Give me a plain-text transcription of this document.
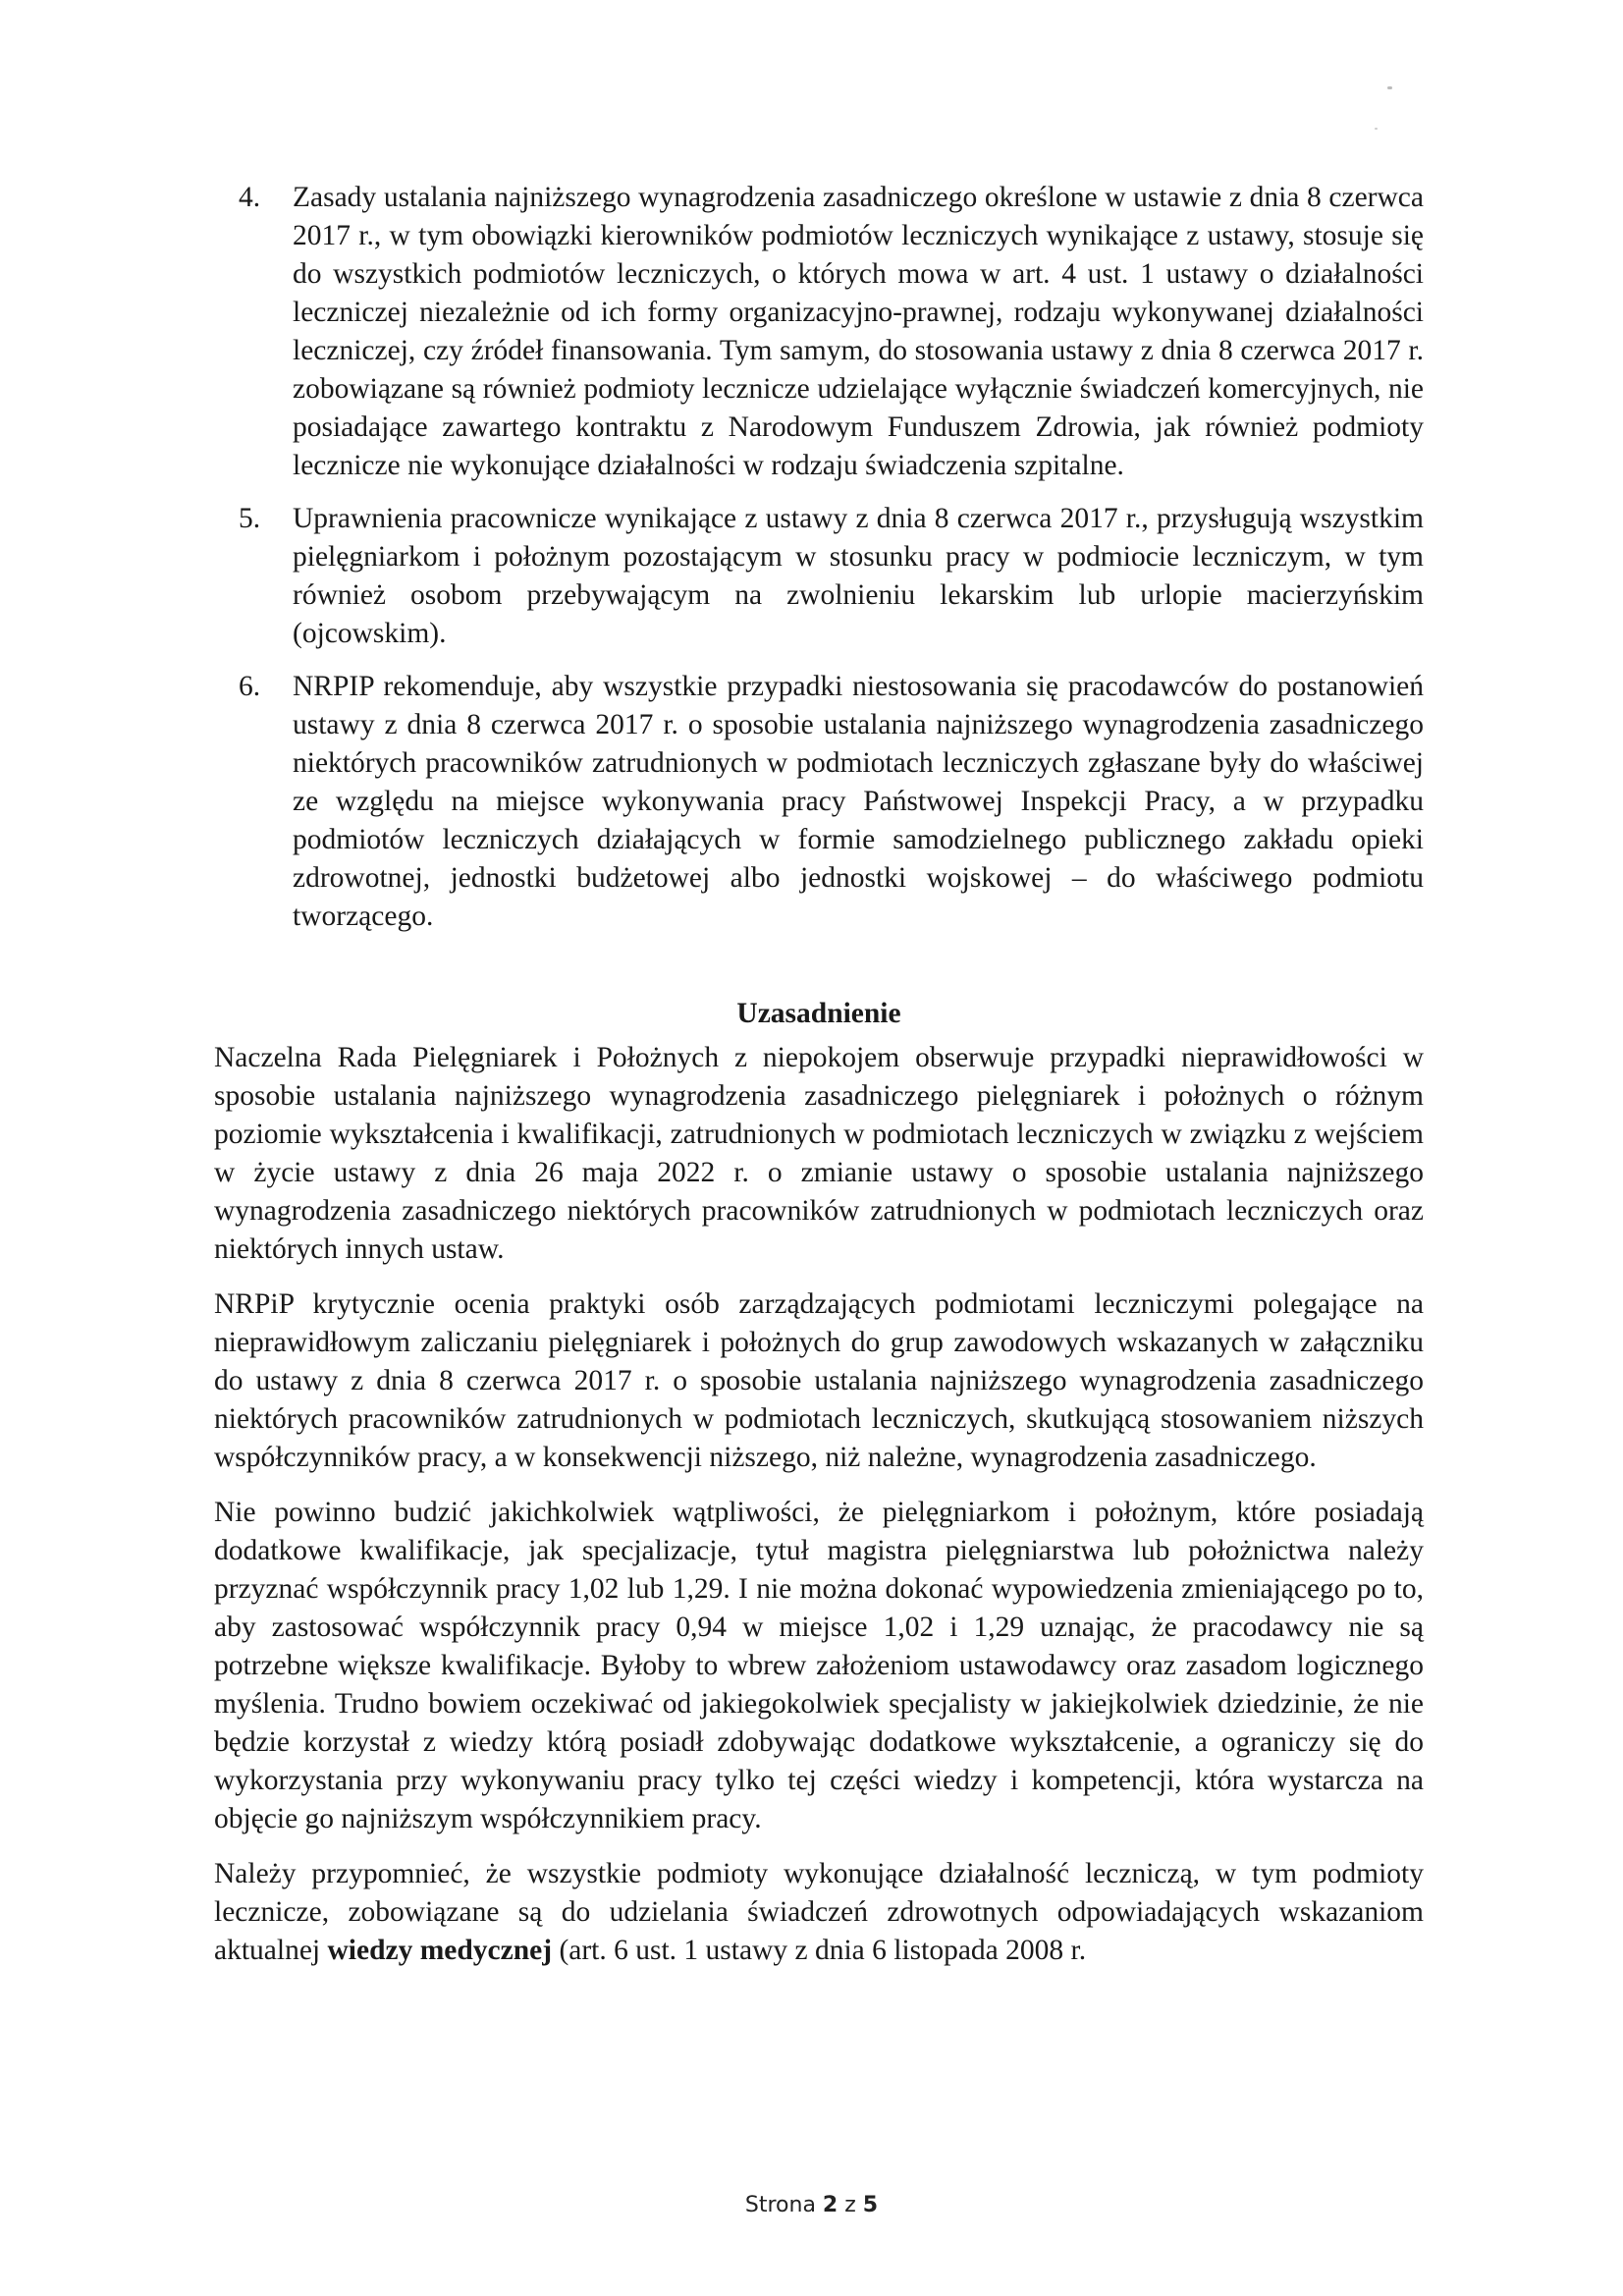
4. Zasady ustalania najniższego wynagrodzenia zasadniczego określone w ustawie z dnia 8 czerwca 2017 r., w tym obowiązki kierowników podmiotów leczniczych wynikające z ustawy, stosuje się do wszystkich podmiotów leczniczych, o których mowa w art. 4 ust. 1 ustawy o działalności leczniczej niezależnie od ich formy organizacyjno-prawnej, rodzaju wykonywanej działalności leczniczej, czy źródeł finansowania. Tym samym, do stosowania ustawy z dnia 8 czerwca 2017 r. zobowiązane są również podmioty lecznicze udzielające wyłącznie świadczeń komercyjnych, nie posiadające zawartego kontraktu z Narodowym Funduszem Zdrowia, jak również podmioty lecznicze nie wykonujące działalności w rodzaju świadczenia szpitalne.
5. Uprawnienia pracownicze wynikające z ustawy z dnia 8 czerwca 2017 r., przysługują wszystkim pielęgniarkom i położnym pozostającym w stosunku pracy w podmiocie leczniczym, w tym również osobom przebywającym na zwolnieniu lekarskim lub urlopie macierzyńskim (ojcowskim).
6. NRPIP rekomenduje, aby wszystkie przypadki niestosowania się pracodawców do postanowień ustawy z dnia 8 czerwca 2017 r. o sposobie ustalania najniższego wynagrodzenia zasadniczego niektórych pracowników zatrudnionych w podmiotach leczniczych zgłaszane były do właściwej ze względu na miejsce wykonywania pracy Państwowej Inspekcji Pracy, a w przypadku podmiotów leczniczych działających w formie samodzielnego publicznego zakładu opieki zdrowotnej, jednostki budżetowej albo jednostki wojskowej – do właściwego podmiotu tworzącego.
Uzasadnienie

Naczelna Rada Pielęgniarek i Położnych z niepokojem obserwuje przypadki nieprawidłowości w sposobie ustalania najniższego wynagrodzenia zasadniczego pielęgniarek i położnych o różnym poziomie wykształcenia i kwalifikacji, zatrudnionych w podmiotach leczniczych w związku z wejściem w życie ustawy z dnia 26 maja 2022 r. o zmianie ustawy o sposobie ustalania najniższego wynagrodzenia zasadniczego niektórych pracowników zatrudnionych w podmiotach leczniczych oraz niektórych innych ustaw.

NRPiP krytycznie ocenia praktyki osób zarządzających podmiotami leczniczymi polegające na nieprawidłowym zaliczaniu pielęgniarek i położnych do grup zawodowych wskazanych w załączniku do ustawy z dnia 8 czerwca 2017 r. o sposobie ustalania najniższego wynagrodzenia zasadniczego niektórych pracowników zatrudnionych w podmiotach leczniczych, skutkującą stosowaniem niższych współczynników pracy, a w konsekwencji niższego, niż należne, wynagrodzenia zasadniczego.

Nie powinno budzić jakichkolwiek wątpliwości, że pielęgniarkom i położnym, które posiadają dodatkowe kwalifikacje, jak specjalizacje, tytuł magistra pielęgniarstwa lub położnictwa należy przyznać współczynnik pracy 1,02 lub 1,29. I nie można dokonać wypowiedzenia zmieniającego po to, aby zastosować współczynnik pracy 0,94 w miejsce 1,02 i 1,29 uznając, że pracodawcy nie są potrzebne większe kwalifikacje. Byłoby to wbrew założeniom ustawodawcy oraz zasadom logicznego myślenia. Trudno bowiem oczekiwać od jakiegokolwiek specjalisty w jakiejkolwiek dziedzinie, że nie będzie korzystał z wiedzy którą posiadł zdobywając dodatkowe wykształcenie, a ograniczy się do wykorzystania przy wykonywaniu pracy tylko tej części wiedzy i kompetencji, która wystarcza na objęcie go najniższym współczynnikiem pracy.

Należy przypomnieć, że wszystkie podmioty wykonujące działalność leczniczą, w tym podmioty lecznicze, zobowiązane są do udzielania świadczeń zdrowotnych odpowiadających wskazaniom aktualnej wiedzy medycznej (art. 6 ust. 1 ustawy z dnia 6 listopada 2008 r.

Strona 2 z 5
